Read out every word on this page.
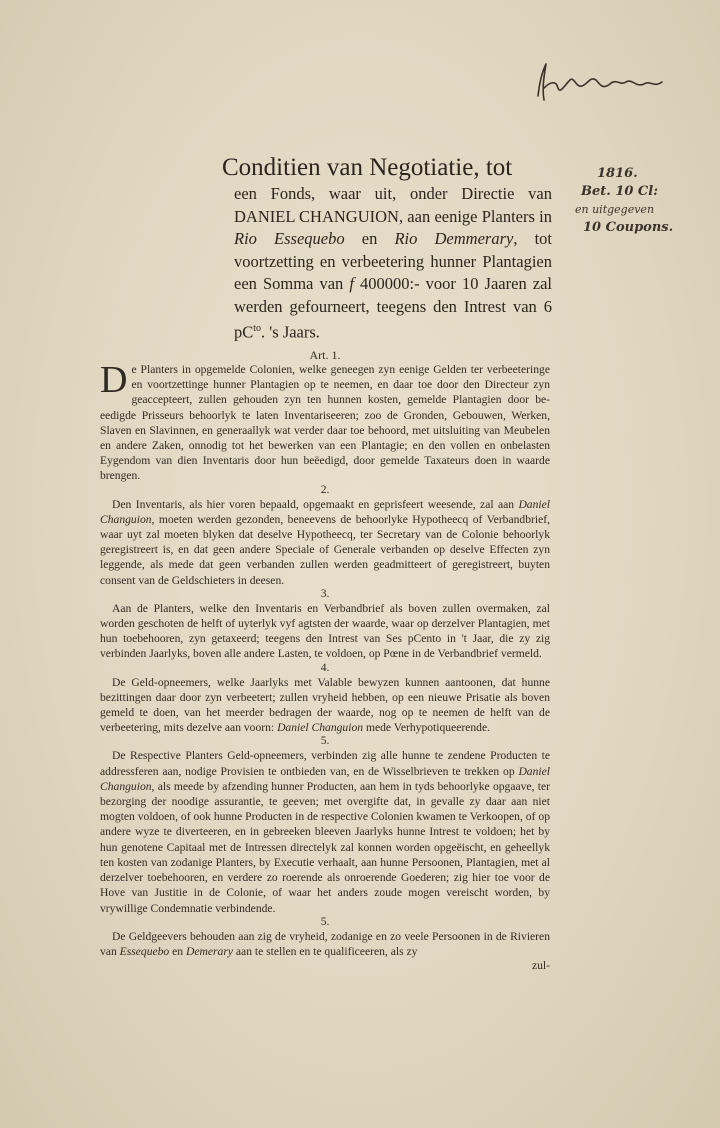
1816.
Bet. 10 Cl:
en uitgegeven
10 Coupons.
Conditien van Negotiatie, tot
een Fonds, waar uit, onder Directie van DANIEL CHANGUION, aan eenige Planters in Rio Essequebo en Rio Demmerary, tot voortzetting en verbeetering hunner Plantagien een Somma van f 400000:- voor 10 Jaaren zal werden gefourneert, teegens den Intrest van 6 $pC^{to}$. 's Jaars.

Art. 1.

De Planters in opgemelde Colonien, welke geneegen zyn eenige Gelden ter verbeeteringe en voortzettinge hunner Plantagien op te neemen, en daar toe door den Directeur zyn geaccepteert, zullen gehouden zyn ten hunnen kosten, gemelde Plantagien door be-eedigde Prisseurs behoorlyk te laten Inventariseeren; zoo de Gronden, Gebouwen, Werken, Slaven en Slavinnen, en generaallyk wat verder daar toe behoord, met uitsluiting van Meubelen en andere Zaken, onnodig tot het bewerken van een Plantagie; en den vollen en onbelasten Eygendom van dien Inventaris door hun beëedigd, door gemelde Taxateurs doen in waarde brengen.

2.

Den Inventaris, als hier voren bepaald, opgemaakt en geprisfeert weesende, zal aan Daniel Changuion, moeten werden gezonden, beneevens de behoorlyke Hypotheecq of Verbandbrief, waar uyt zal moeten blyken dat deselve Hypotheecq, ter Secretary van de Colonie behoorlyk geregistreert is, en dat geen andere Speciale of Generale verbanden op deselve Effecten zyn leggende, als mede dat geen verbanden zullen werden geadmitteert of geregistreert, buyten consent van de Geldschieters in deesen.

3.

Aan de Planters, welke den Inventaris en Verbandbrief als boven zullen overmaken, zal worden geschoten de helft of uyterlyk vyf agtsten der waarde, waar op derzelver Plantagien, met hun toebehooren, zyn getaxeerd; teegens den Intrest van Ses pCento in 't Jaar, die zy zig verbinden Jaarlyks, boven alle andere Lasten, te voldoen, op Pœne in de Verbandbrief vermeld.

4.

De Geld-opneemers, welke Jaarlyks met Valable bewyzen kunnen aantoonen, dat hunne bezittingen daar door zyn verbeetert; zullen vryheid hebben, op een nieuwe Prisatie als boven gemeld te doen, van het meerder bedragen der waarde, nog op te neemen de helft van de verbeetering, mits dezelve aan voorn: Daniel Changuion mede Verhypotiqueerende.

5.

De Respective Planters Geld-opneemers, verbinden zig alle hunne te zendene Producten te addressferen aan, nodige Provisien te ontbieden van, en de Wisselbrieven te trekken op Daniel Changuion, als meede by afzending hunner Producten, aan hem in tyds behoorlyke opgaave, ter bezorging der noodige assurantie, te geeven; met overgifte dat, in gevalle zy daar aan niet mogten voldoen, of ook hunne Producten in de respective Colonien kwamen te Verkoopen, of op andere wyze te diverteeren, en in gebreeken bleeven Jaarlyks hunne Intrest te voldoen; het by hun genotene Capitaal met de Intressen directelyk zal konnen worden opgeëischt, en geheellyk ten kosten van zodanige Planters, by Executie verhaalt, aan hunne Persoonen, Plantagien, met al derzelver toebehooren, en verdere zo roerende als onroerende Goederen; zig hier toe voor de Hove van Justitie in de Colonie, of waar het anders zoude mogen vereischt worden, by vrywillige Condemnatie verbindende.

5.

De Geldgeevers behouden aan zig de vryheid, zodanige en zo veele Persoonen in de Rivieren van Essequebo en Demerary aan te stellen en te qualificeeren, als zy

zul-
